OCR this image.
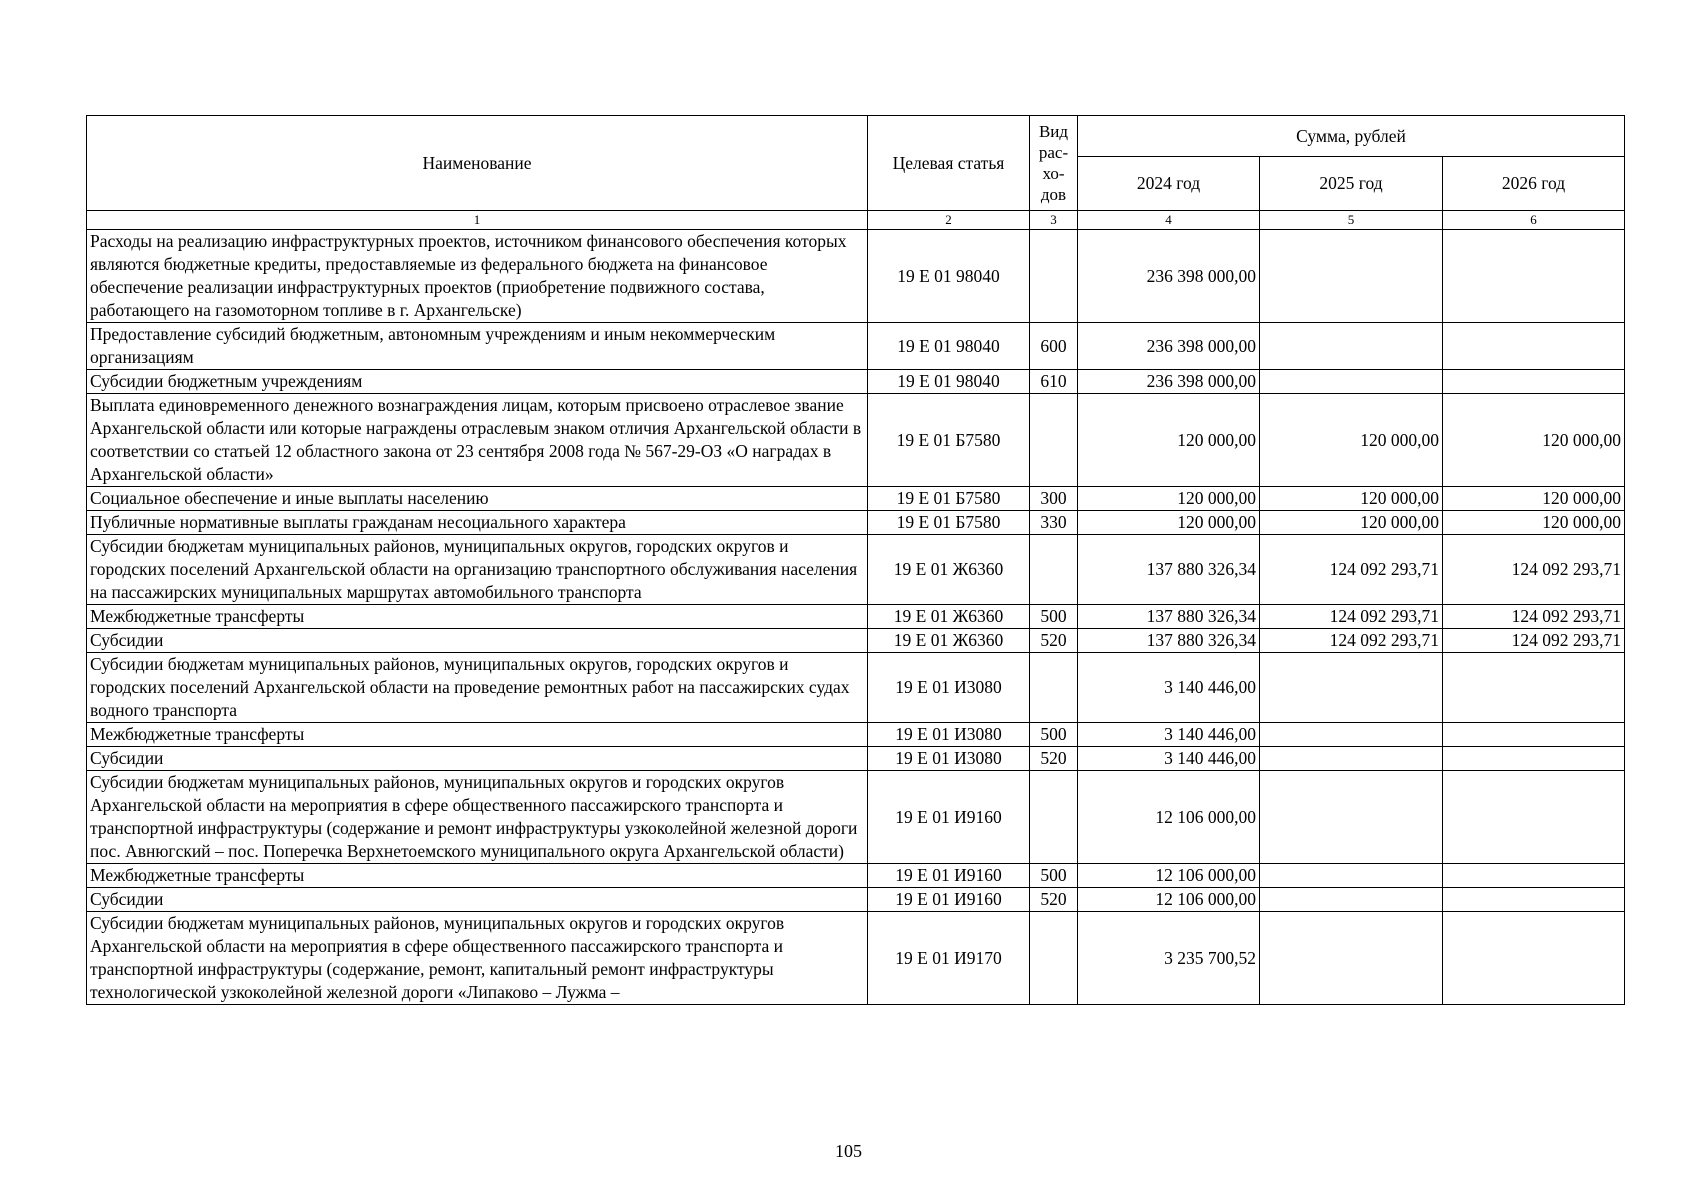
Наименование	Целевая статья	Вид
рас-
хо-
дов	Сумма, рублей		
			2024 год	2025 год	2026 год
1	2	3	4	5	6
Расходы на реализацию инфраструктурных проектов, источником финансового обеспечения которых являются бюджетные кредиты, предоставляемые из федерального бюджета на финансовое обеспечение реализации инфраструктурных проектов (приобретение подвижного состава, работающего на газомоторном топливе в г. Архангельске)	19 Е 01 98040		236 398 000,00		
Предоставление субсидий бюджетным, автономным учреждениям и иным некоммерческим организациям	19 Е 01 98040	600	236 398 000,00		
Субсидии бюджетным учреждениям	19 Е 01 98040	610	236 398 000,00		
Выплата единовременного денежного вознаграждения лицам, которым присвоено отраслевое звание Архангельской области или которые награждены отраслевым знаком отличия Архангельской области в соответствии со статьей 12 областного закона от 23 сентября 2008 года № 567-29-ОЗ «О наградах в Архангельской области»	19 Е 01 Б7580		120 000,00	120 000,00	120 000,00
Социальное обеспечение и иные выплаты населению	19 Е 01 Б7580	300	120 000,00	120 000,00	120 000,00
Публичные нормативные выплаты гражданам несоциального характера	19 Е 01 Б7580	330	120 000,00	120 000,00	120 000,00
Субсидии бюджетам муниципальных районов, муниципальных округов, городских округов и городских поселений Архангельской области на организацию транспортного обслуживания населения на пассажирских муниципальных маршрутах автомобильного транспорта	19 Е 01 Ж6360		137 880 326,34	124 092 293,71	124 092 293,71
Межбюджетные трансферты	19 Е 01 Ж6360	500	137 880 326,34	124 092 293,71	124 092 293,71
Субсидии	19 Е 01 Ж6360	520	137 880 326,34	124 092 293,71	124 092 293,71
Субсидии бюджетам муниципальных районов, муниципальных округов, городских округов и городских поселений Архангельской области на проведение ремонтных работ на пассажирских судах водного транспорта	19 Е 01 И3080		3 140 446,00		
Межбюджетные трансферты	19 Е 01 И3080	500	3 140 446,00		
Субсидии	19 Е 01 И3080	520	3 140 446,00		
Субсидии бюджетам муниципальных районов, муниципальных округов и городских округов Архангельской области на мероприятия в сфере общественного пассажирского транспорта и транспортной инфраструктуры (содержание и ремонт инфраструктуры узкоколейной железной дороги пос. Авнюгский – пос. Поперечка Верхнетоемского муниципального округа Архангельской области)	19 Е 01 И9160		12 106 000,00		
Межбюджетные трансферты	19 Е 01 И9160	500	12 106 000,00		
Субсидии	19 Е 01 И9160	520	12 106 000,00		
Субсидии бюджетам муниципальных районов, муниципальных округов и городских округов Архангельской области на мероприятия в сфере общественного пассажирского транспорта и транспортной инфраструктуры (содержание, ремонт, капитальный ремонт инфраструктуры технологической узкоколейной железной дороги «Липаково – Лужма –	19 Е 01 И9170		3 235 700,52		
105
